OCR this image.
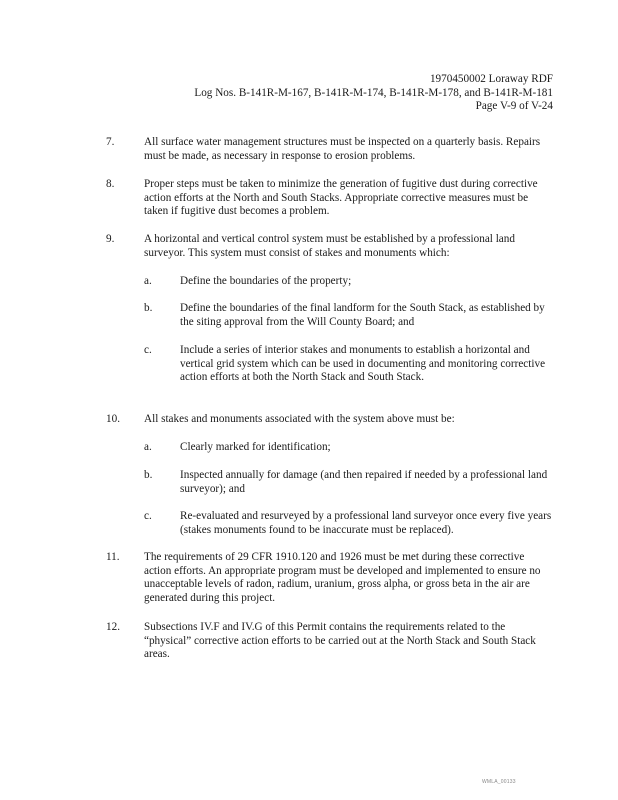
1970450002 Loraway RDF
Log Nos. B-141R-M-167, B-141R-M-174, B-141R-M-178, and B-141R-M-181
Page V-9 of V-24
7.	All surface water management structures must be inspected on a quarterly basis. Repairs must be made, as necessary in response to erosion problems.
8.	Proper steps must be taken to minimize the generation of fugitive dust during corrective action efforts at the North and South Stacks. Appropriate corrective measures must be taken if fugitive dust becomes a problem.
9.	A horizontal and vertical control system must be established by a professional land surveyor. This system must consist of stakes and monuments which:
a.	Define the boundaries of the property;
b. Define the boundaries of the final landform for the South Stack, as established by the siting approval from the Will County Board; and
c.	Include a series of interior stakes and monuments to establish a horizontal and vertical grid system which can be used in documenting and monitoring corrective action efforts at both the North Stack and South Stack.
10. All stakes and monuments associated with the system above must be:
a.	Clearly marked for identification;
b. Inspected annually for damage (and then repaired if needed by a professional land surveyor); and
c.	Re-evaluated and resurveyed by a professional land surveyor once every five years (stakes monuments found to be inaccurate must be replaced).
11. The requirements of 29 CFR 1910.120 and 1926 must be met during these corrective action efforts. An appropriate program must be developed and implemented to ensure no unacceptable levels of radon, radium, uranium, gross alpha, or gross beta in the air are generated during this project.
12. Subsections IV.F and IV.G of this Permit contains the requirements related to the “physical” corrective action efforts to be carried out at the North Stack and South Stack areas.
WMLA_00133
